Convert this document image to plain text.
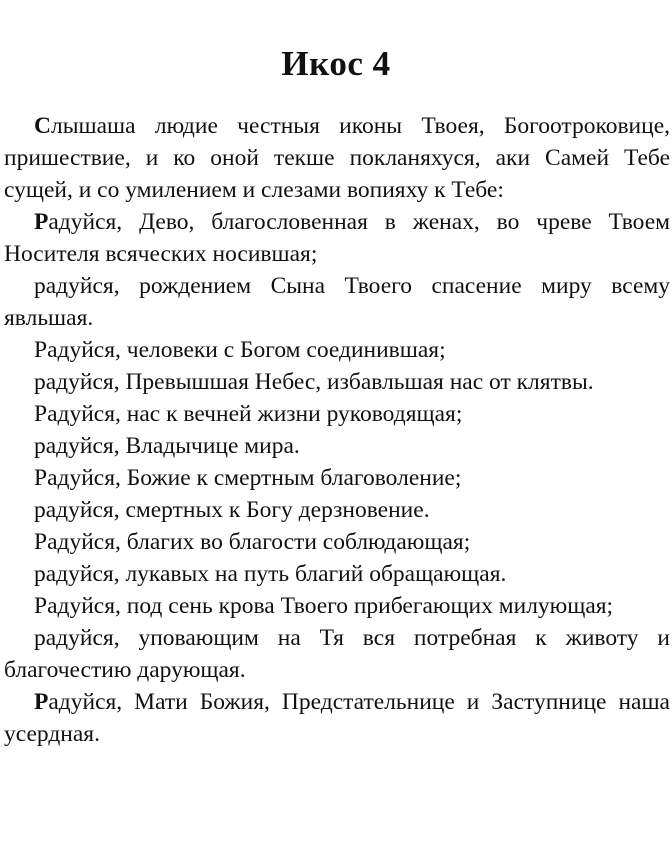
Икос 4

Слышаша людие честныя иконы Твоея, Богоотроковице, пришествие, и ко оной текше покланяхуся, аки Самей Тебе сущей, и со умилением и слезами вопияху к Тебе:

Радуйся, Дево, благословенная в женах, во чреве Твоем Носителя всяческих носившая;

радуйся, рождением Сына Твоего спасение миру всему явльшая.

Радуйся, человеки с Богом соединившая;

радуйся, Превышшая Небес, избавльшая нас от клятвы.

Радуйся, нас к вечней жизни руководящая;

радуйся, Владычице мира.

Радуйся, Божие к смертным благоволение;

радуйся, смертных к Богу дерзновение.

Радуйся, благих во благости соблюдающая;

радуйся, лукавых на путь благий обращающая.

Радуйся, под сень крова Твоего прибегающих милующая;

радуйся, уповающим на Тя вся потребная к животу и благочестию дарующая.

Радуйся, Мати Божия, Предстательнице и Заступнице наша усердная.
